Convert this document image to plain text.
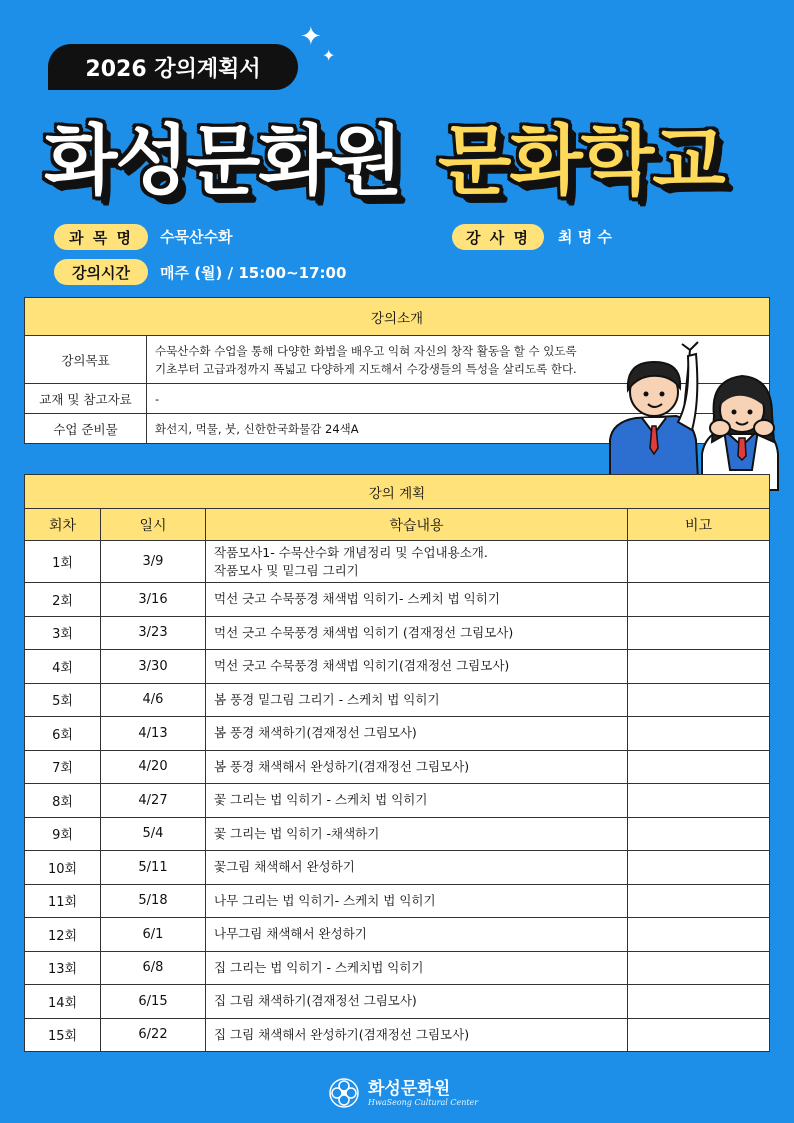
2026 강의계획서
✦
✦
화성문화원 문화학교
과 목 명	수묵산수화	강 사 명	최 명 수
강의시간	매주 (월) / 15:00~17:00
강의소개	
강의목표	수묵산수화 수업을 통해 다양한 화법을 배우고 익혀 자신의 창작 활동을 할 수 있도록
기초부터 고급과정까지 폭넓고 다양하게 지도해서 수강생들의 특성을 살리도록 한다.

교재 및 참고자료	-
수업 준비물	화선지, 먹물, 붓, 신한한국화물감 24색A
강의 계획			
회차	일시	학습내용	비고
1회	3/9	작품모사1- 수묵산수화 개념정리 및 수업내용소개.
작품모사 및 밑그림 그리기	

2회	3/16	먹선 긋고 수묵풍경 채색법 익히기- 스케치 법 익히기	
3회	3/23	먹선 긋고 수묵풍경 채색법 익히기 (겸재정선 그림모사)	
4회	3/30	먹선 긋고 수묵풍경 채색법 익히기(겸재정선 그림모사)	
5회	4/6	봄 풍경 밑그림 그리기 - 스케치 법 익히기	
6회	4/13	봄 풍경 채색하기(겸재정선 그림모사)	
7회	4/20	봄 풍경 채색해서 완성하기(겸재정선 그림모사)	
8회	4/27	꽃 그리는 법 익히기 - 스케치 법 익히기	
9회	5/4	꽃 그리는 법 익히기 -채색하기	
10회	5/11	꽃그림 채색해서 완성하기	
11회	5/18	나무 그리는 법 익히기- 스케치 법 익히기	
12회	6/1	나무그림 채색해서 완성하기	
13회	6/8	집 그리는 법 익히기 - 스케치법 익히기	
14회	6/15	집 그림 채색하기(겸재정선 그림모사)	
15회	6/22	집 그림 채색해서 완성하기(겸재정선 그림모사)	
화성문화원
HwaSeong Cultural Center
